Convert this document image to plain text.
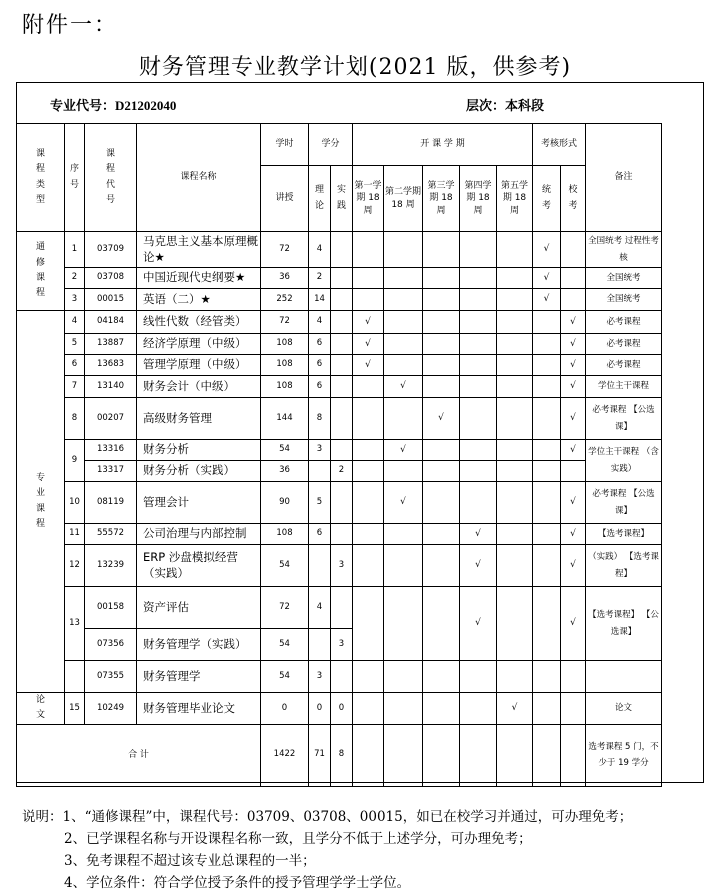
附件一：
财务管理专业教学计划(2021 版，供参考)
专业代号：D21202040	层次：本科段
课程类型	序号	课程代号	课程名称	学时	学分		开 课 学 期					考核形式		备注
				讲授	理论	实践	第一学期 18 周	第二学期 18 周	第三学期 18 周	第四学期 18 周	第五学期 18 周	统考	校考	
通修课程	1	03709	马克思主义基本原理概论★	72	4							√		全国统考 过程性考核
	2	03708	中国近现代史纲要★	36	2							√		全国统考
	3	00015	英语（二）★	252	14							√		全国统考
专业课程	4	04184	线性代数（经管类）	72	4		√						√	必考课程
	5	13887	经济学原理（中级）	108	6		√						√	必考课程
	6	13683	管理学原理（中级）	108	6		√						√	必考课程
	7	13140	财务会计（中级）	108	6			√					√	学位主干课程
	8	00207	高级财务管理	144	8				√				√	必考课程 【公选课】
	9	13316	财务分析	54	3			√					√	学位主干课程 （含实践）
		13317	财务分析（实践）	36		2								
	10	08119	管理会计	90	5			√					√	必考课程 【公选课】
	11	55572	公司治理与内部控制	108	6					√			√	【选考课程】
	12	13239	ERP 沙盘模拟经营（实践）	54		3				√			√	（实践） 【选考课程】
	13	00158	资产评估	72	4					√			√	【选考课程】 【公选课】
		07356	财务管理学（实践）	54		3								
		07355	财务管理学	54	3									
论文	15	10249	财务管理毕业论文	0	0	0					√			论文
合 计				1422	71	8								选考课程 5 门，不少于 19 学分
说明：1、“通修课程”中，课程代号：03709、03708、00015，如已在校学习并通过，可办理免考；
2、已学课程名称与开设课程名称一致，且学分不低于上述学分，可办理免考；
3、免考课程不超过该专业总课程的一半；
4、学位条件：符合学位授予条件的授予管理学学士学位。
